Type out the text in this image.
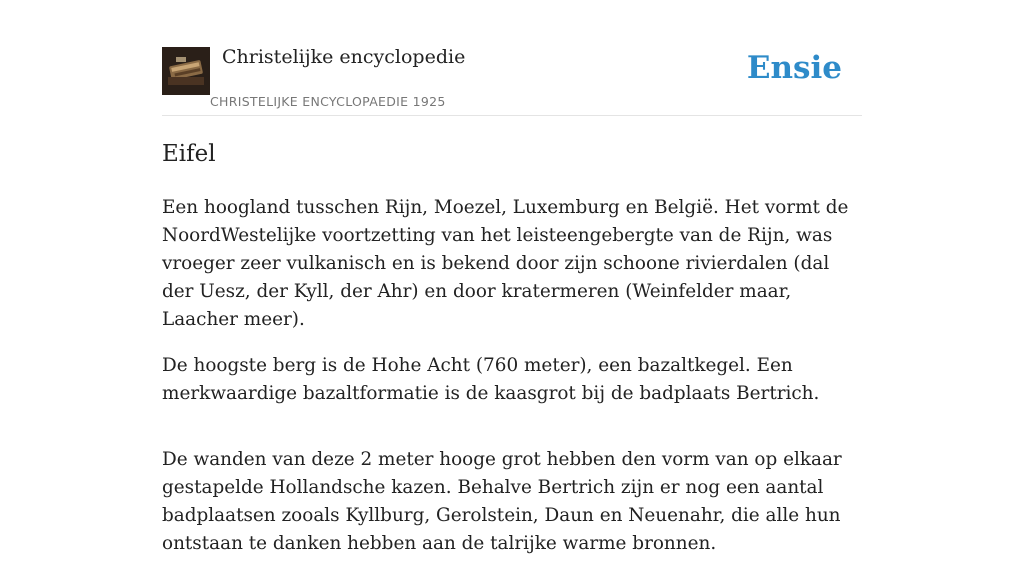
Christelijke encyclopedie
CHRISTELIJKE ENCYCLOPAEDIE 1925
Ensie
Eifel

Een hoogland tusschen Rijn, Moezel, Luxemburg en België. Het vormt de NoordWestelijke voortzetting van het leisteengebergte van de Rijn, was vroeger zeer vulkanisch en is bekend door zijn schoone rivierdalen (dal der Uesz, der Kyll, der Ahr) en door kratermeren (Weinfelder maar, Laacher meer).

De hoogste berg is de Hohe Acht (760 meter), een bazaltkegel. Een merkwaardige bazaltformatie is de kaasgrot bij de badplaats Bertrich.

De wanden van deze 2 meter hooge grot hebben den vorm van op elkaar gestapelde Hollandsche kazen. Behalve Bertrich zijn er nog een aantal badplaatsen zooals Kyllburg, Gerolstein, Daun en Neuenahr, die alle hun ontstaan te danken hebben aan de talrijke warme bronnen.
